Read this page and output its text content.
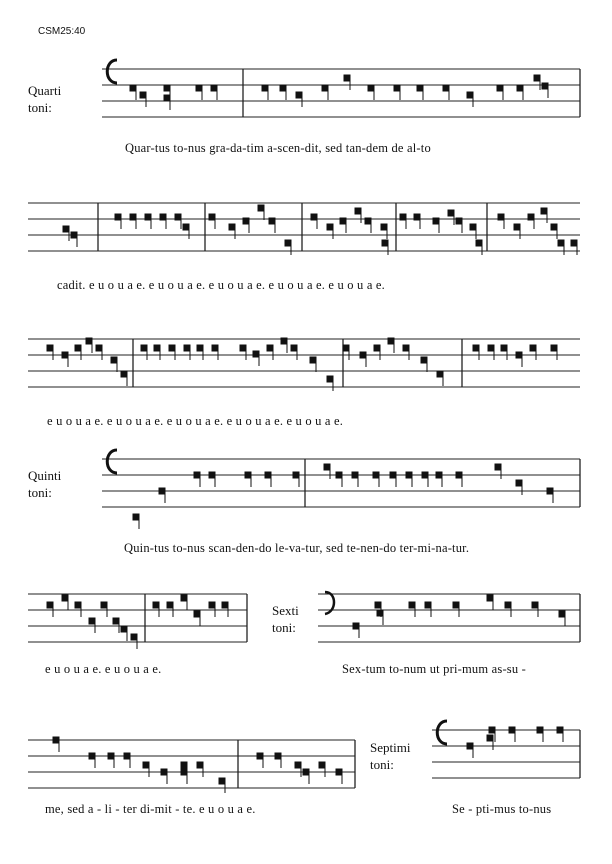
CSM25:40
Quarti
toni:
Quinti
toni:
Sexti
toni:
Septimi
toni:
Quar-tus to-nus gra-da-tim a-scen-dit, sed tan-dem de al-to
cadit. e u o u a e. e u o u a e. e u o u a e. e u o u a e. e u o u a e.
e u o u a e. e u o u a e. e u o u a e. e u o u a e. e u o u a e.
Quin-tus to-nus scan-den-do le-va-tur, sed te-nen-do ter-mi-na-tur.
e u o u a e. e u o u a e.	Sex-tum to-num ut pri-mum as-su -
me, sed a - li - ter di-mit - te. e u o u a e.	Se - pti-mus to-nus
